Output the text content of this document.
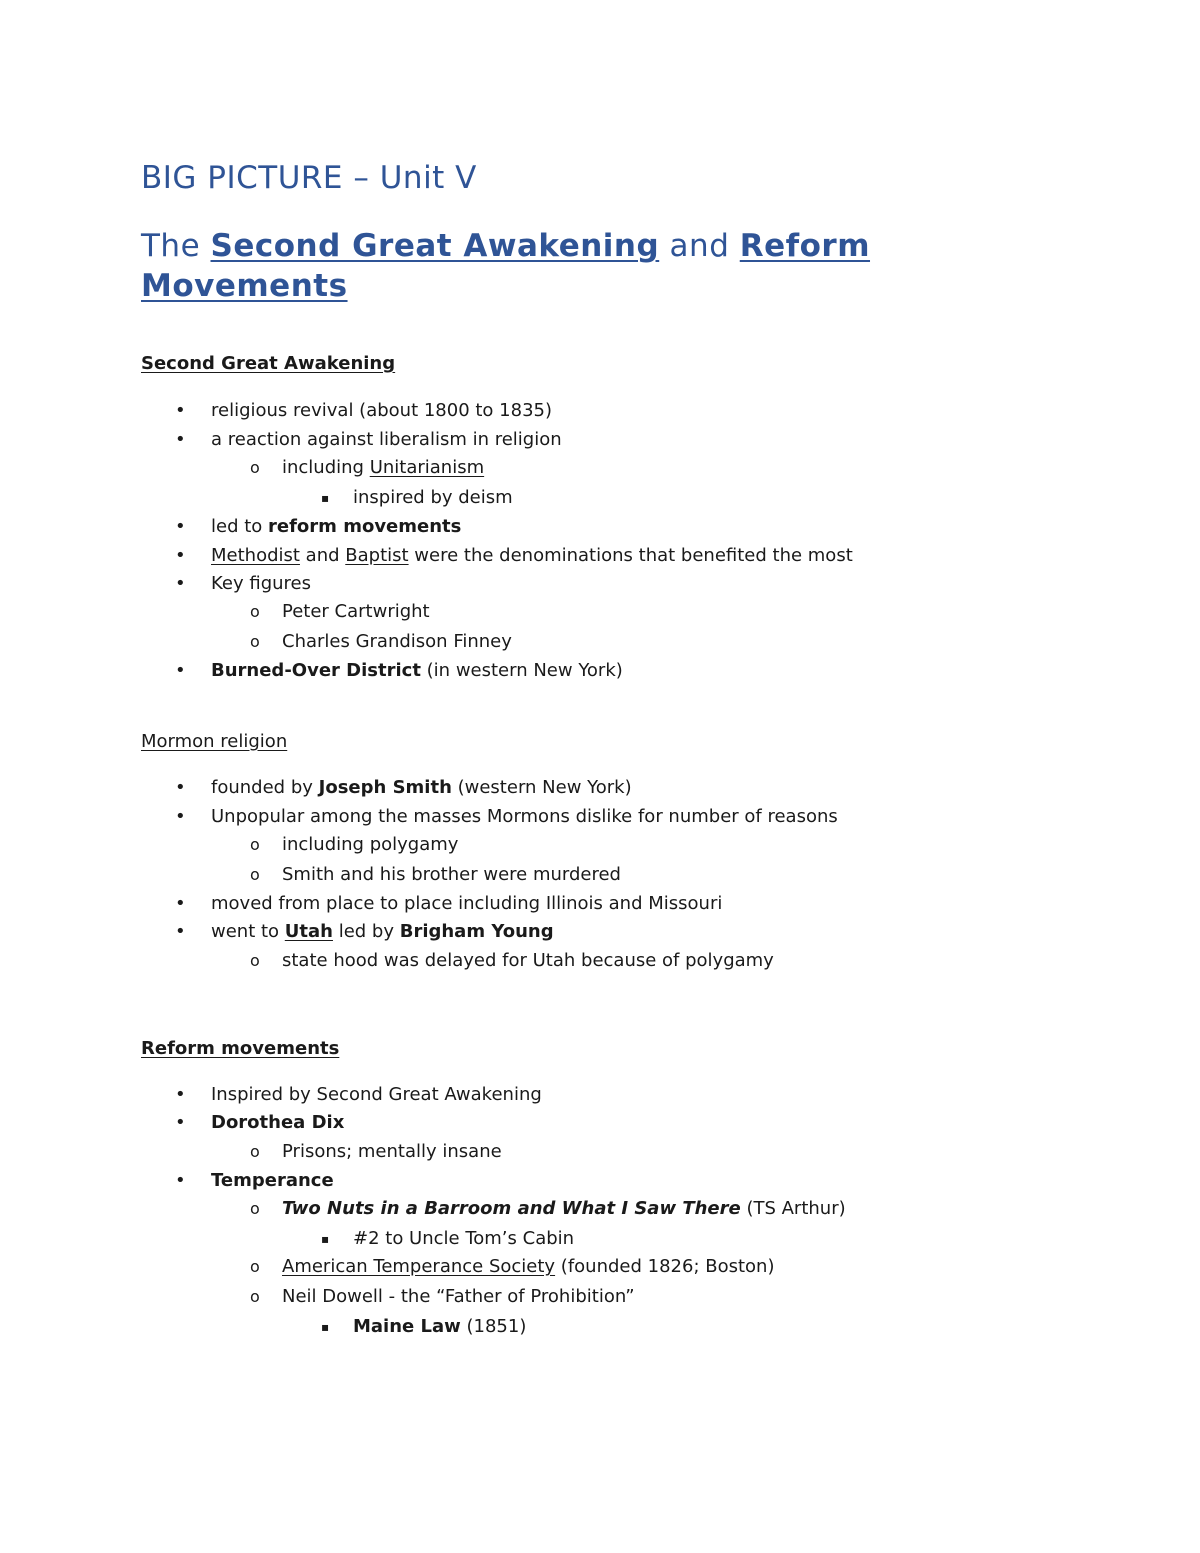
BIG PICTURE – Unit V
The Second Great Awakening and Reform
Movements
Second Great Awakening
• religious revival (about 1800 to 1835)
• a reaction against liberalism in religion
o including Unitarianism
▪ inspired by deism
• led to reform movements
• Methodist and Baptist were the denominations that benefited the most
• Key figures
o Peter Cartwright
o Charles Grandison Finney
• Burned-Over District (in western New York)
Mormon religion
• founded by Joseph Smith (western New York)
• Unpopular among the masses Mormons dislike for number of reasons
o including polygamy
o Smith and his brother were murdered
• moved from place to place including Illinois and Missouri
• went to Utah led by Brigham Young
o state hood was delayed for Utah because of polygamy
Reform movements
• Inspired by Second Great Awakening
• Dorothea Dix
o Prisons; mentally insane
• Temperance
o Two Nuts in a Barroom and What I Saw There (TS Arthur)
▪ #2 to Uncle Tom’s Cabin
o American Temperance Society (founded 1826; Boston)
o Neil Dowell - the “Father of Prohibition”
▪ Maine Law (1851)
